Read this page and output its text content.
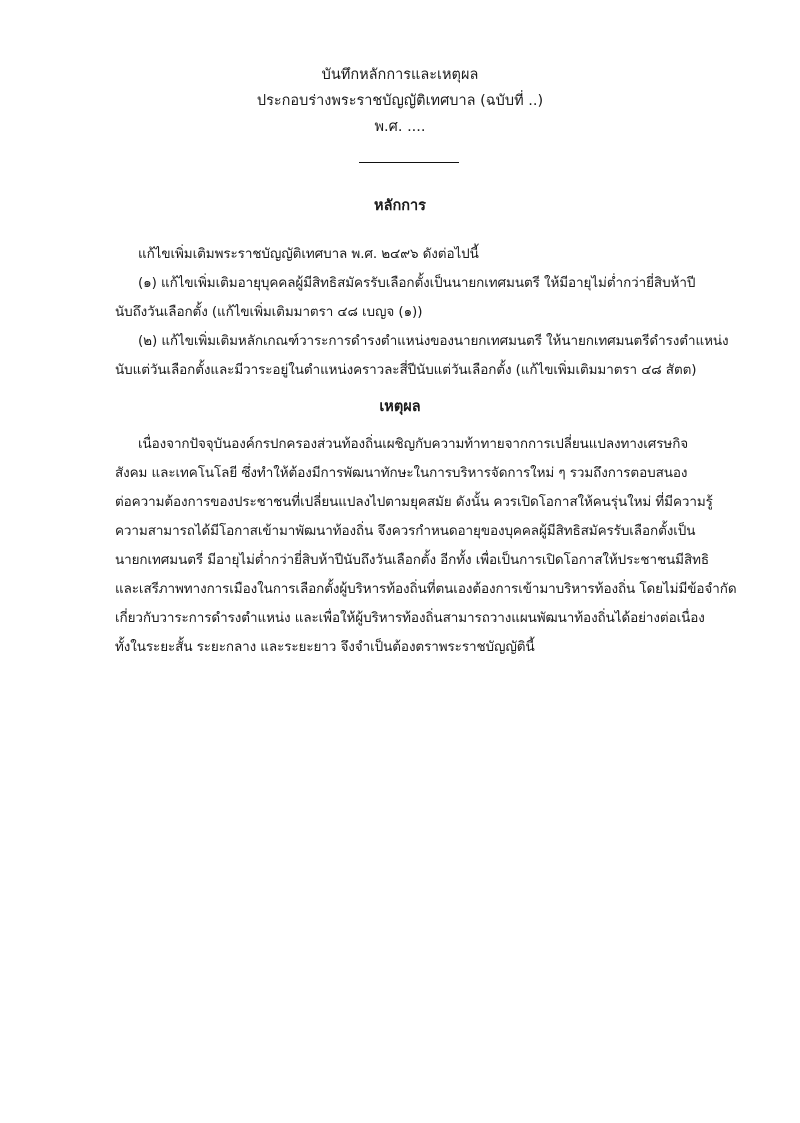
บันทึกหลักการและเหตุผล
ประกอบร่างพระราชบัญญัติเทศบาล (ฉบับที่ ..)
พ.ศ. ....
หลักการ
แก้ไขเพิ่มเติมพระราชบัญญัติเทศบาล พ.ศ. ๒๔๙๖ ดังต่อไปนี้
(๑) แก้ไขเพิ่มเติมอายุบุคคลผู้มีสิทธิสมัครรับเลือกตั้งเป็นนายกเทศมนตรี ให้มีอายุไม่ต่ำกว่ายี่สิบห้าปี
นับถึงวันเลือกตั้ง (แก้ไขเพิ่มเติมมาตรา ๔๘ เบญจ (๑))
(๒) แก้ไขเพิ่มเติมหลักเกณฑ์วาระการดำรงตำแหน่งของนายกเทศมนตรี ให้นายกเทศมนตรีดำรงตำแหน่ง
นับแต่วันเลือกตั้งและมีวาระอยู่ในตำแหน่งคราวละสี่ปีนับแต่วันเลือกตั้ง (แก้ไขเพิ่มเติมมาตรา ๔๘ สัตต)
เหตุผล
เนื่องจากปัจจุบันองค์กรปกครองส่วนท้องถิ่นเผชิญกับความท้าทายจากการเปลี่ยนแปลงทางเศรษกิจ
สังคม และเทคโนโลยี ซึ่งทำให้ต้องมีการพัฒนาทักษะในการบริหารจัดการใหม่ ๆ รวมถึงการตอบสนอง
ต่อความต้องการของประชาชนที่เปลี่ยนแปลงไปตามยุคสมัย ดังนั้น ควรเปิดโอกาสให้คนรุ่นใหม่ ที่มีความรู้
ความสามารถได้มีโอกาสเข้ามาพัฒนาท้องถิ่น จึงควรกำหนดอายุของบุคคลผู้มีสิทธิสมัครรับเลือกตั้งเป็น
นายกเทศมนตรี มีอายุไม่ต่ำกว่ายี่สิบห้าปีนับถึงวันเลือกตั้ง อีกทั้ง เพื่อเป็นการเปิดโอกาสให้ประชาชนมีสิทธิ
และเสรีภาพทางการเมืองในการเลือกตั้งผู้บริหารท้องถิ่นที่ตนเองต้องการเข้ามาบริหารท้องถิ่น โดยไม่มีข้อจำกัด
เกี่ยวกับวาระการดำรงตำแหน่ง และเพื่อให้ผู้บริหารท้องถิ่นสามารถวางแผนพัฒนาท้องถิ่นได้อย่างต่อเนื่อง
ทั้งในระยะสั้น ระยะกลาง และระยะยาว จึงจำเป็นต้องตราพระราชบัญญัตินี้
